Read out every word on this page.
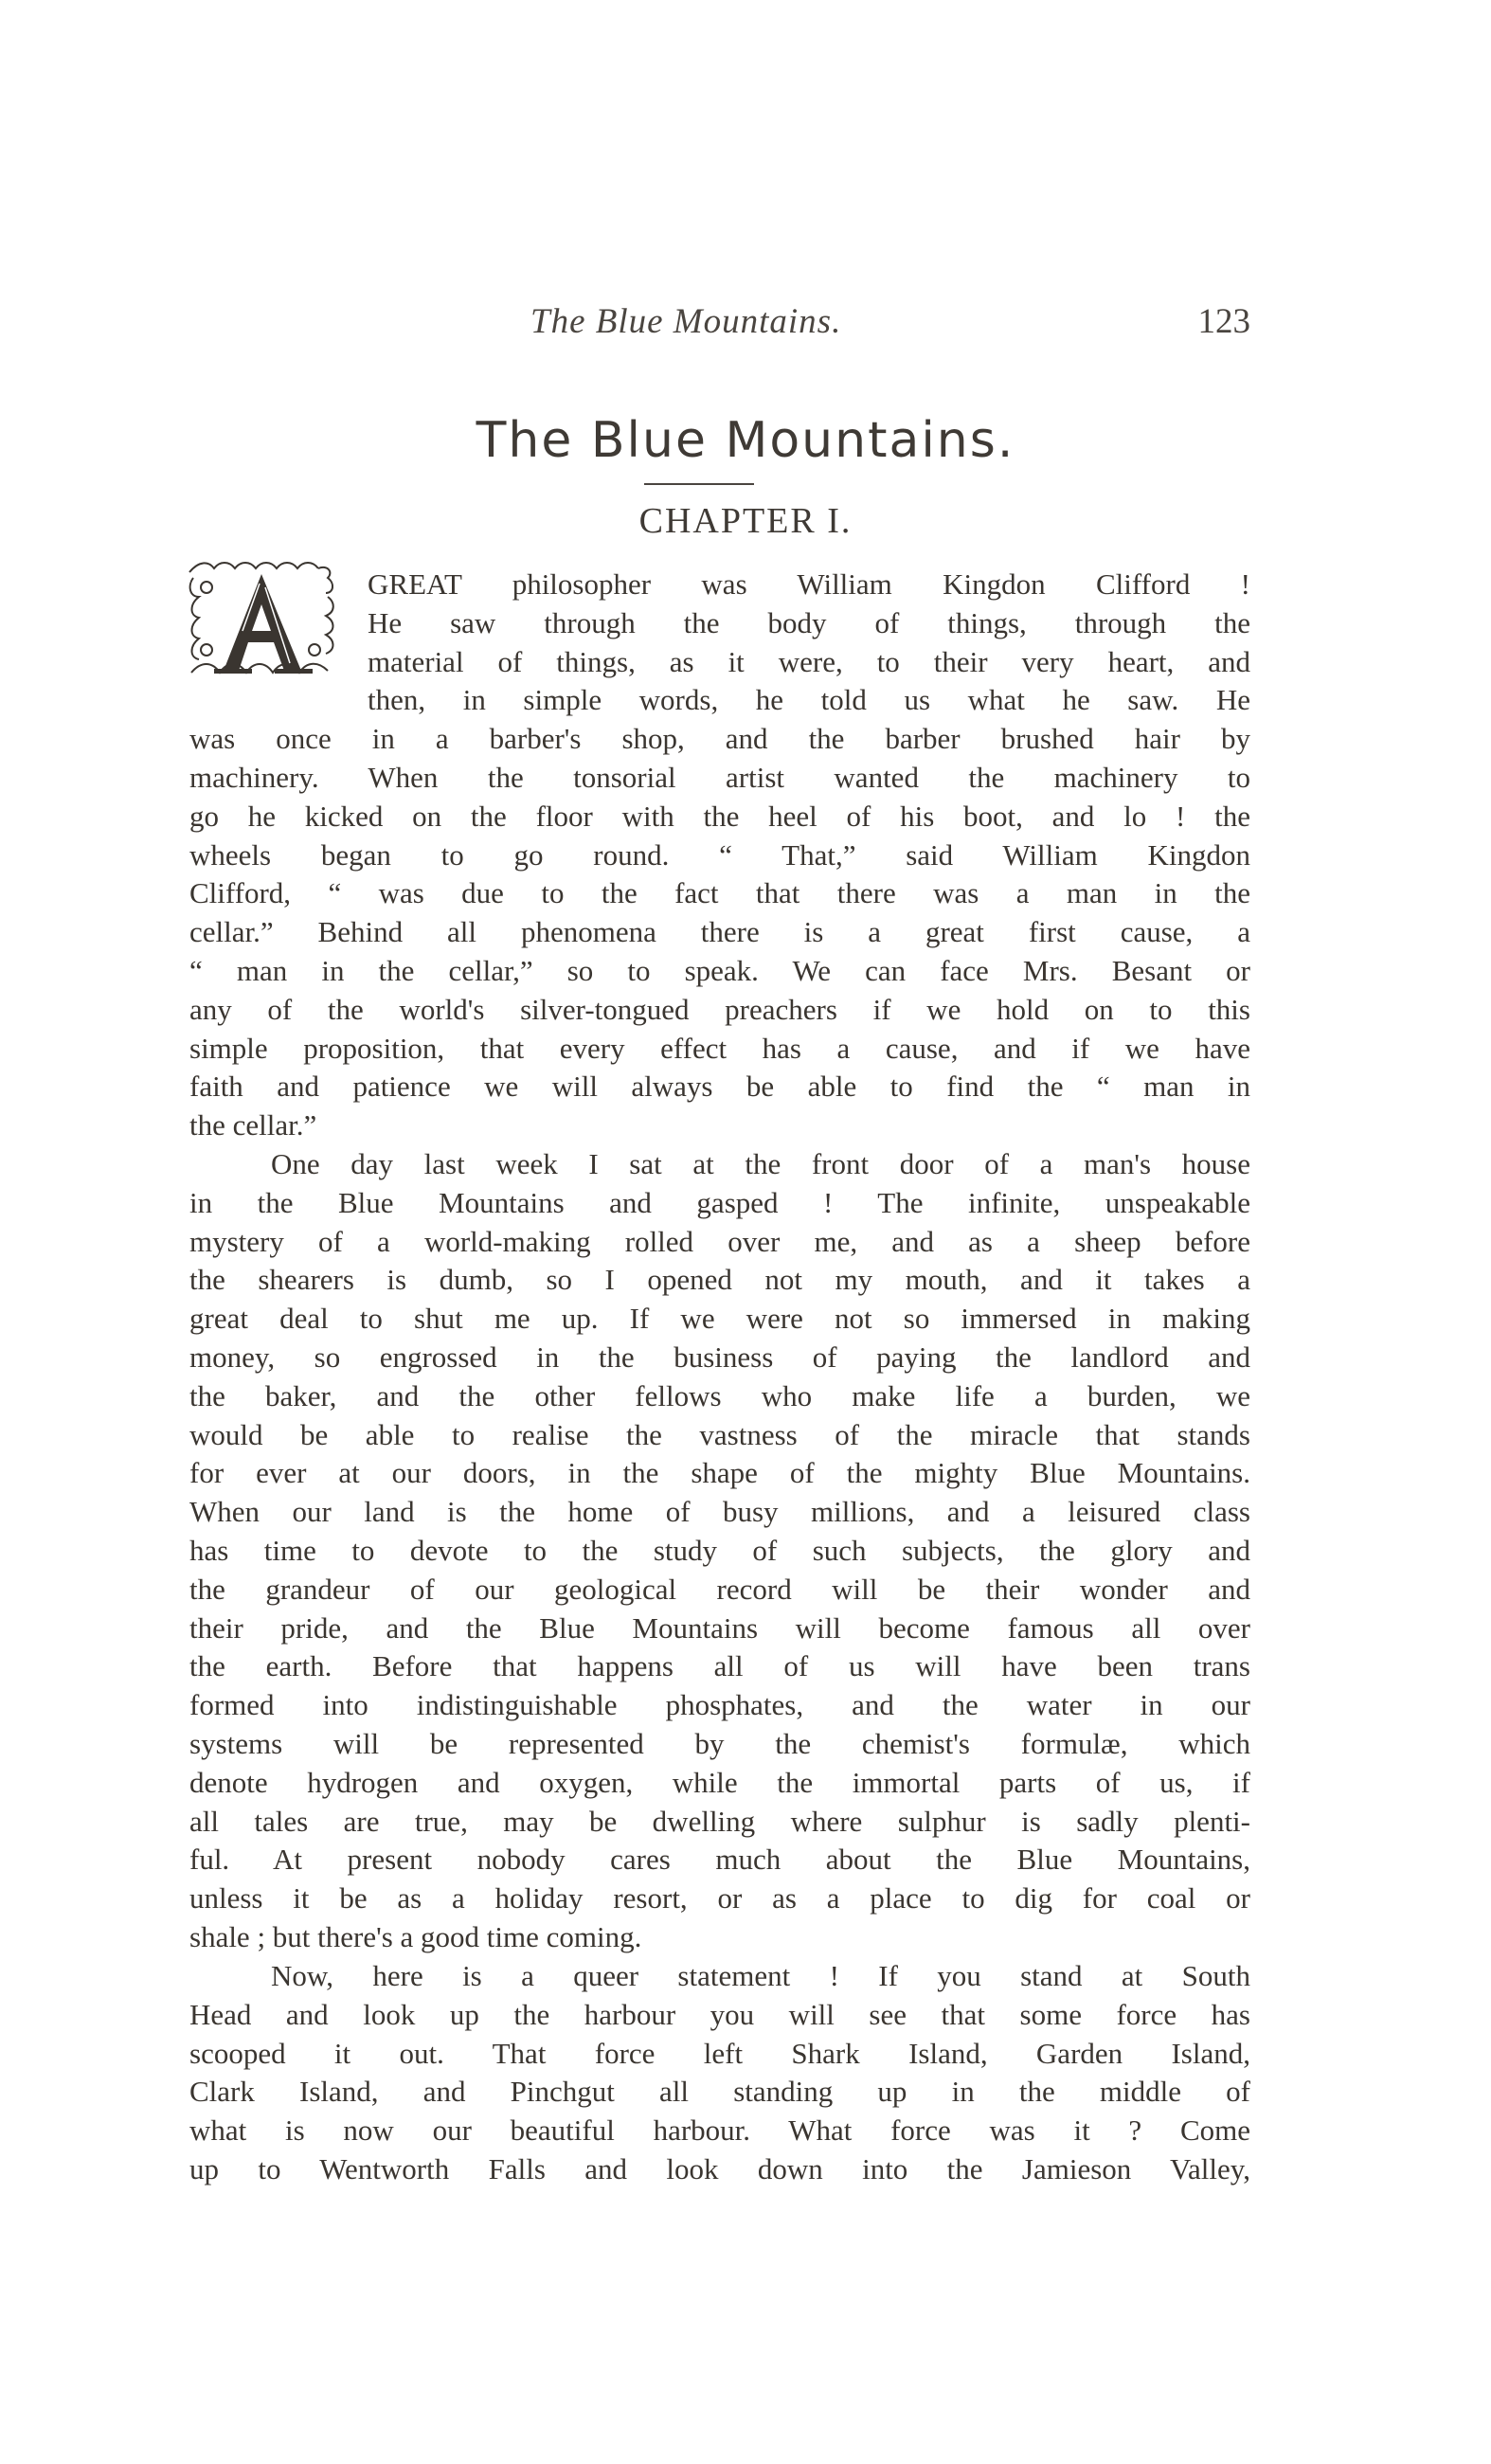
The Blue Mountains.	123
The Blue Mountains.
CHAPTER I.
GREAT philosopher was William Kingdon Clifford !
He saw through the body of things, through the
material of things, as it were, to their very heart, and
then, in simple words, he told us what he saw. He
was once in a barber's shop, and the barber brushed hair by
machinery. When the tonsorial artist wanted the machinery to
go he kicked on the floor with the heel of his boot, and lo ! the
wheels began to go round. “ That,” said William Kingdon
Clifford, “ was due to the fact that there was a man in the
cellar.” Behind all phenomena there is a great first cause, a
“ man in the cellar,” so to speak. We can face Mrs. Besant or
any of the world's silver-tongued preachers if we hold on to this
simple proposition, that every effect has a cause, and if we have
faith and patience we will always be able to find the “ man in
the cellar.”
One day last week I sat at the front door of a man's house
in the Blue Mountains and gasped ! The infinite, unspeakable
mystery of a world-making rolled over me, and as a sheep before
the shearers is dumb, so I opened not my mouth, and it takes a
great deal to shut me up. If we were not so immersed in making
money, so engrossed in the business of paying the landlord and
the baker, and the other fellows who make life a burden, we
would be able to realise the vastness of the miracle that stands
for ever at our doors, in the shape of the mighty Blue Mountains.
When our land is the home of busy millions, and a leisured class
has time to devote to the study of such subjects, the glory and
the grandeur of our geological record will be their wonder and
their pride, and the Blue Mountains will become famous all over
the earth. Before that happens all of us will have been trans
formed into indistinguishable phosphates, and the water in our
systems will be represented by the chemist's formulæ, which
denote hydrogen and oxygen, while the immortal parts of us, if
all tales are true, may be dwelling where sulphur is sadly plenti-
ful. At present nobody cares much about the Blue Mountains,
unless it be as a holiday resort, or as a place to dig for coal or
shale ; but there's a good time coming.
Now, here is a queer statement ! If you stand at South
Head and look up the harbour you will see that some force has
scooped it out. That force left Shark Island, Garden Island,
Clark Island, and Pinchgut all standing up in the middle of
what is now our beautiful harbour. What force was it ? Come
up to Wentworth Falls and look down into the Jamieson Valley,
